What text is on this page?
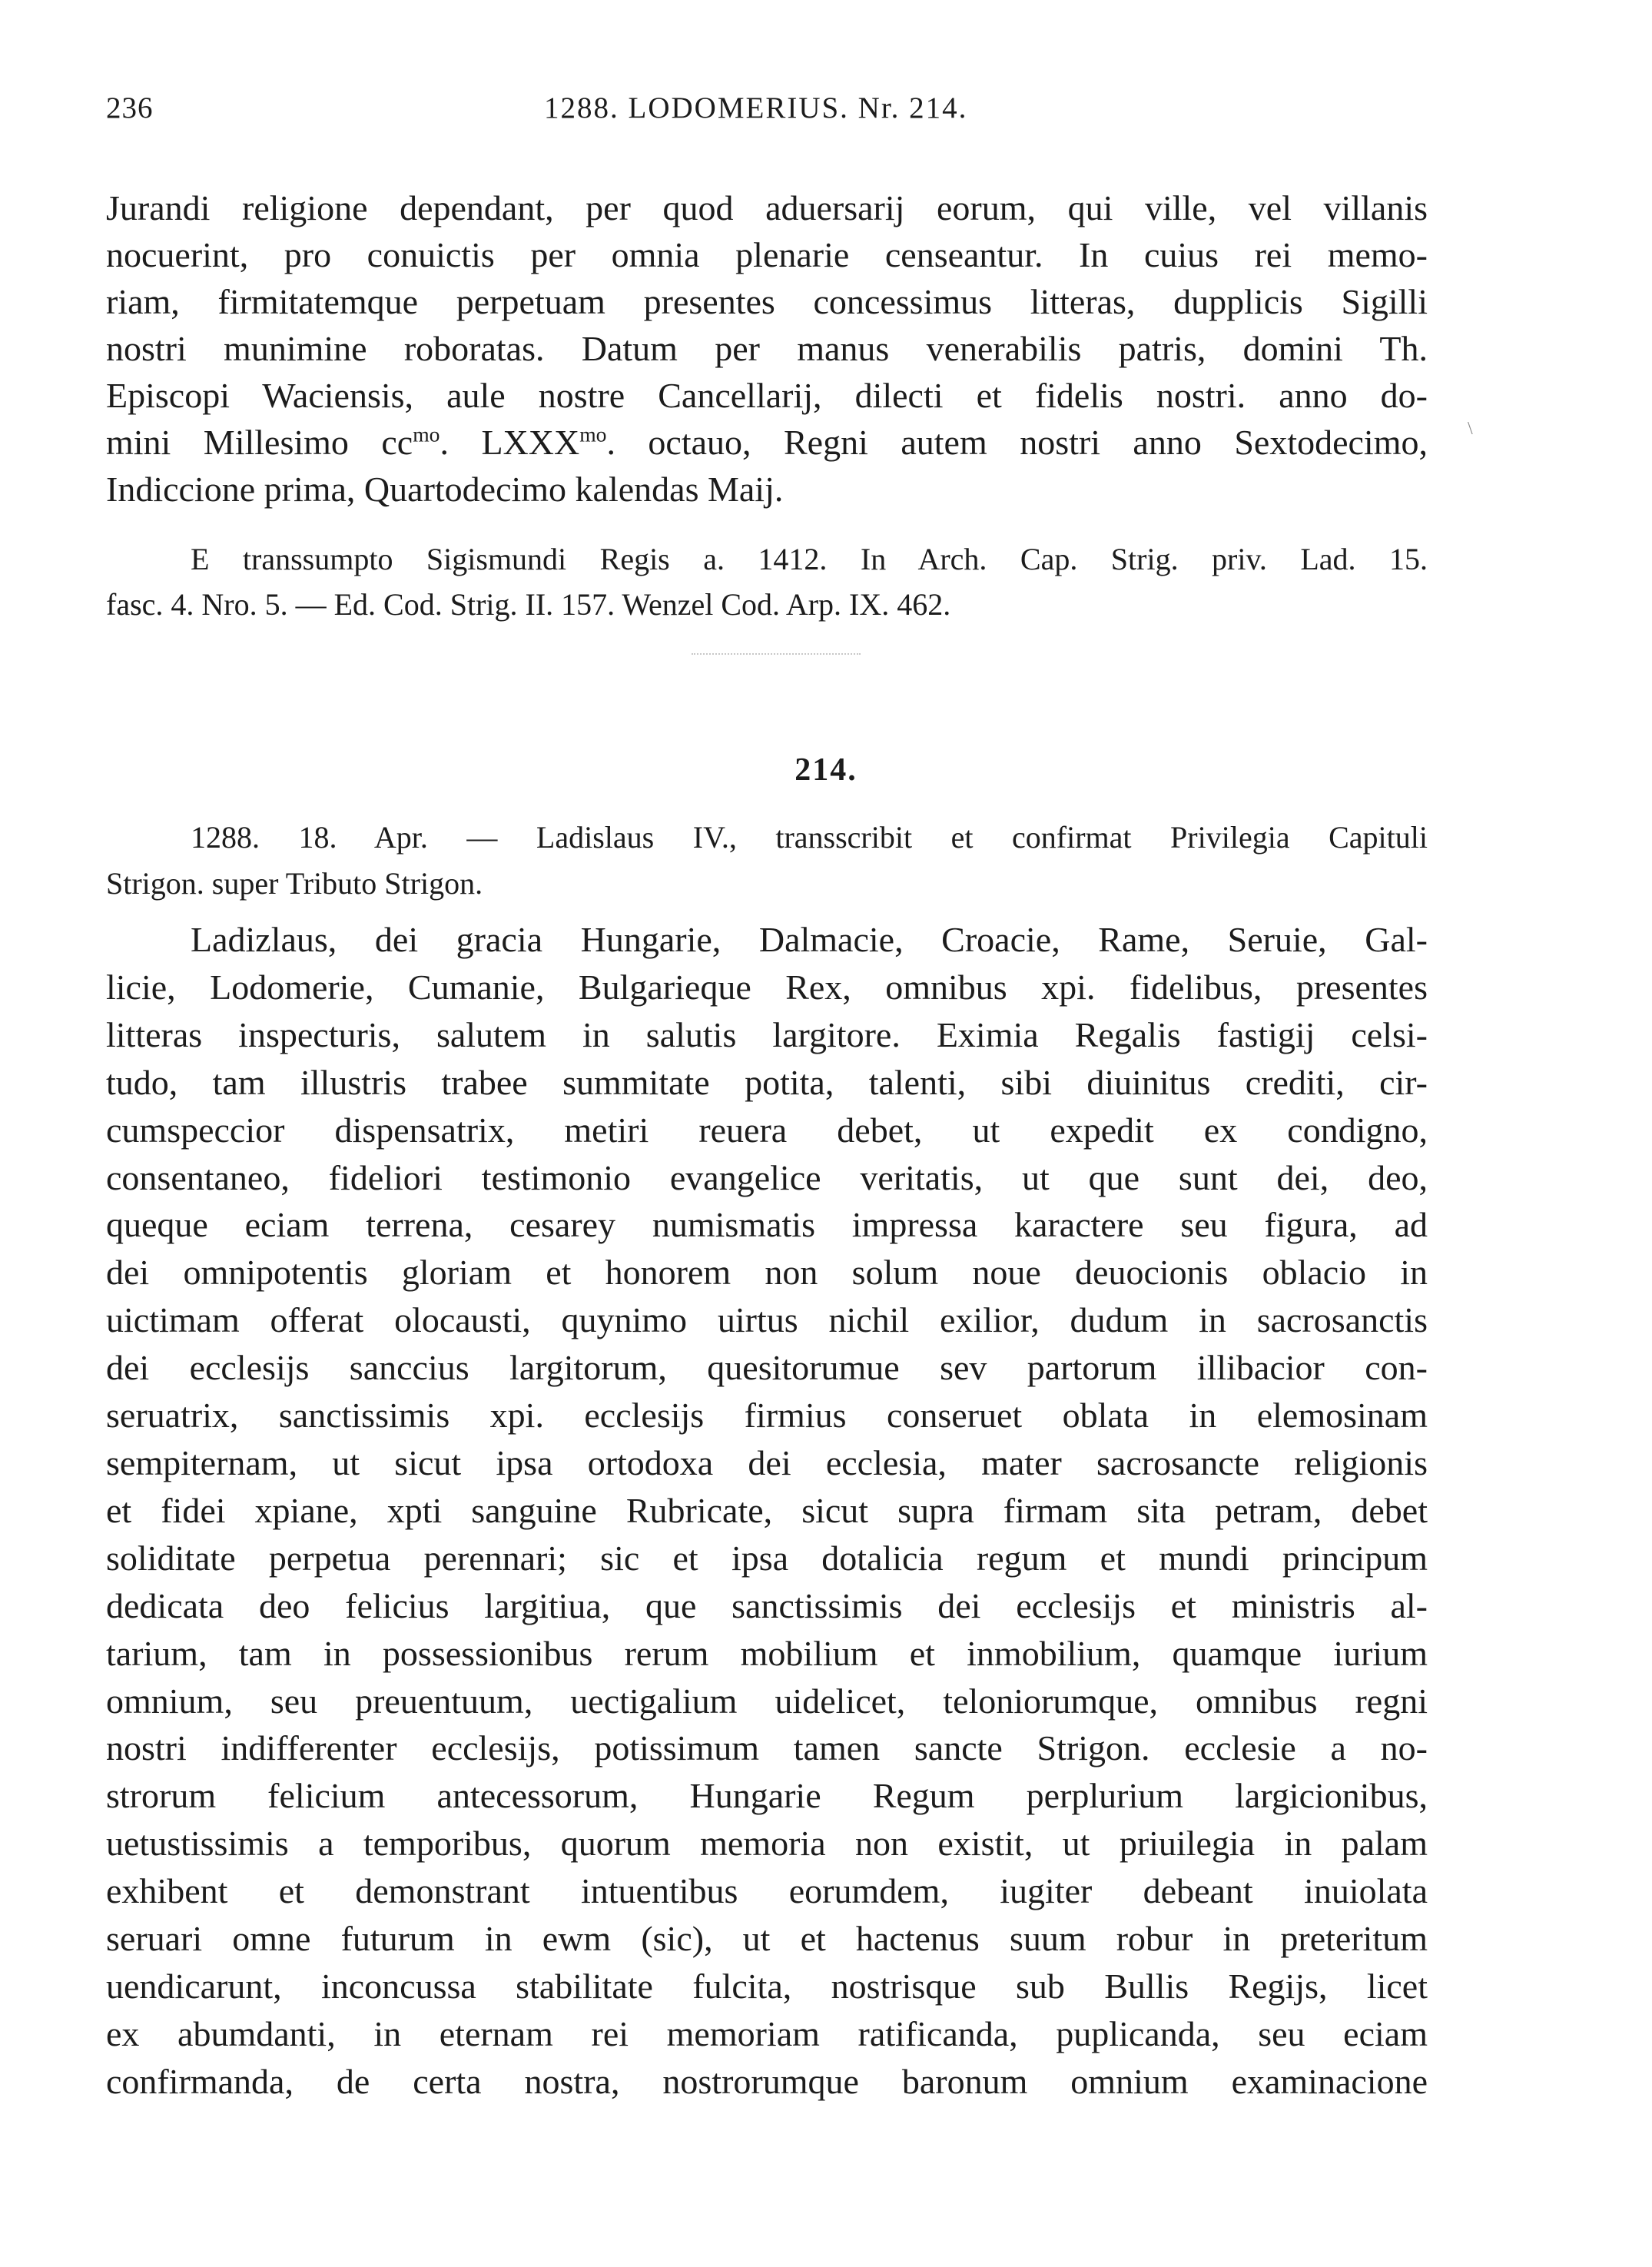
236	1288. LODOMERIUS. Nr. 214.
Jurandi religione dependant, per quod aduersarij eorum, qui ville, vel villanis
nocuerint, pro conuictis per omnia plenarie censeantur. In cuius rei memo-
riam, firmitatemque perpetuam presentes concessimus litteras, dupplicis Sigilli
nostri munimine roboratas. Datum per manus venerabilis patris, domini Th.
Episcopi Waciensis, aule nostre Cancellarij, dilecti et fidelis nostri. anno do-
mini Millesimo $cc^{mo}$. $LXXX^{mo}$. octauo, Regni autem nostri anno Sextodecimo,
Indiccione prima, Quartodecimo kalendas Maij.
\
E transsumpto Sigismundi Regis a. 1412. In Arch. Cap. Strig. priv. Lad. 15.
fasc. 4. Nro. 5. — Ed. Cod. Strig. II. 157. Wenzel Cod. Arp. IX. 462.
214.
1288. 18. Apr. — Ladislaus IV., transscribit et confirmat Privilegia Capituli
Strigon. super Tributo Strigon.
Ladizlaus, dei gracia Hungarie, Dalmacie, Croacie, Rame, Seruie, Gal-
licie, Lodomerie, Cumanie, Bulgarieque Rex, omnibus xpi. fidelibus, presentes
litteras inspecturis, salutem in salutis largitore. Eximia Regalis fastigij celsi-
tudo, tam illustris trabee summitate potita, talenti, sibi diuinitus crediti, cir-
cumspeccior dispensatrix, metiri reuera debet, ut expedit ex condigno,
consentaneo, fideliori testimonio evangelice veritatis, ut que sunt dei, deo,
queque eciam terrena, cesarey numismatis impressa karactere seu figura, ad
dei omnipotentis gloriam et honorem non solum noue deuocionis oblacio in
uictimam offerat olocausti, quynimo uirtus nichil exilior, dudum in sacrosanctis
dei ecclesijs sanccius largitorum, quesitorumue sev partorum illibacior con-
seruatrix, sanctissimis xpi. ecclesijs firmius conseruet oblata in elemosinam
sempiternam, ut sicut ipsa ortodoxa dei ecclesia, mater sacrosancte religionis
et fidei xpiane, xpti sanguine Rubricate, sicut supra firmam sita petram, debet
soliditate perpetua perennari; sic et ipsa dotalicia regum et mundi principum
dedicata deo felicius largitiua, que sanctissimis dei ecclesijs et ministris al-
tarium, tam in possessionibus rerum mobilium et inmobilium, quamque iurium
omnium, seu preuentuum, uectigalium uidelicet, teloniorumque, omnibus regni
nostri indifferenter ecclesijs, potissimum tamen sancte Strigon. ecclesie a no-
strorum felicium antecessorum, Hungarie Regum perplurium largicionibus,
uetustissimis a temporibus, quorum memoria non existit, ut priuilegia in palam
exhibent et demonstrant intuentibus eorumdem, iugiter debeant inuiolata
seruari omne futurum in ewm (sic), ut et hactenus suum robur in preteritum
uendicarunt, inconcussa stabilitate fulcita, nostrisque sub Bullis Regijs, licet
ex abumdanti, in eternam rei memoriam ratificanda, puplicanda, seu eciam
confirmanda, de certa nostra, nostrorumque baronum omnium examinacione
